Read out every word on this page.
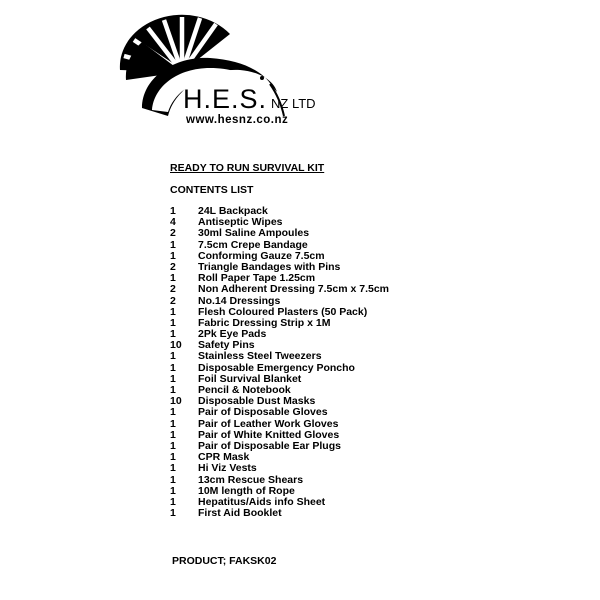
H.E.S. NZ LTD
www.hesnz.co.nz
READY TO RUN SURVIVAL KIT
CONTENTS LIST
1	24L Backpack
4	Antiseptic Wipes
2	30ml Saline Ampoules
1	7.5cm Crepe Bandage
1	Conforming Gauze 7.5cm
2	Triangle Bandages with Pins
1	Roll Paper Tape 1.25cm
2	Non Adherent Dressing 7.5cm x 7.5cm
2	No.14 Dressings
1	Flesh Coloured Plasters (50 Pack)
1	Fabric Dressing Strip x 1M
1	2Pk Eye Pads
10	Safety Pins
1	Stainless Steel Tweezers
1	Disposable Emergency Poncho
1	Foil Survival Blanket
1	Pencil & Notebook
10	Disposable Dust Masks
1	Pair of Disposable Gloves
1	Pair of Leather Work Gloves
1	Pair of White Knitted Gloves
1	Pair of Disposable Ear Plugs
1	CPR Mask
1	Hi Viz Vests
1	13cm Rescue Shears
1	10M length of Rope
1	Hepatitus/Aids info Sheet
1	First Aid Booklet
PRODUCT; FAKSK02
